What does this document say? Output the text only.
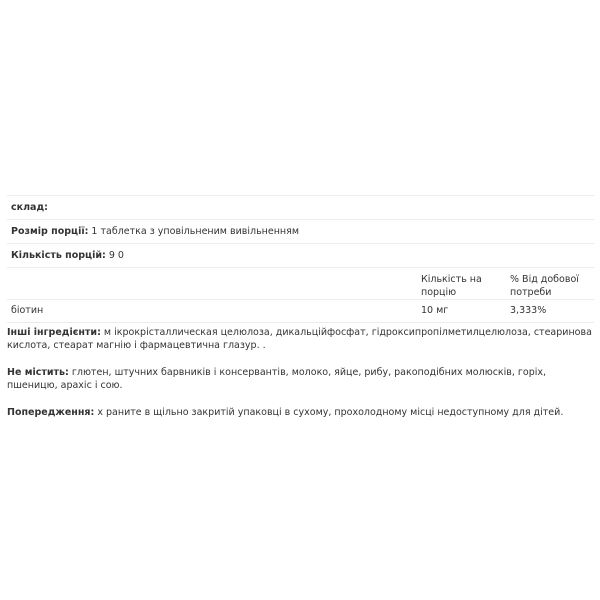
склад:
Розмір порції: 1 таблетка з уповільненим вивільненням
Кількість порцій: 9 0
Кількість на порцію
% Від добової потреби
біотин	10 мг	3,333%

Інші інгредієнти: м ікрокрісталлическая целюлоза, дикальційфосфат, гідроксипропілметилцелюлоза, стеаринова кислота, стеарат магнію і фармацевтична глазур. .

Не містить: глютен, штучних барвників і консервантів, молоко, яйце, рибу, ракоподібних молюсків, горіх, пшеницю, арахіс і сою.

Попередження: х раните в щільно закритій упаковці в сухому, прохолодному місці недоступному для дітей.
